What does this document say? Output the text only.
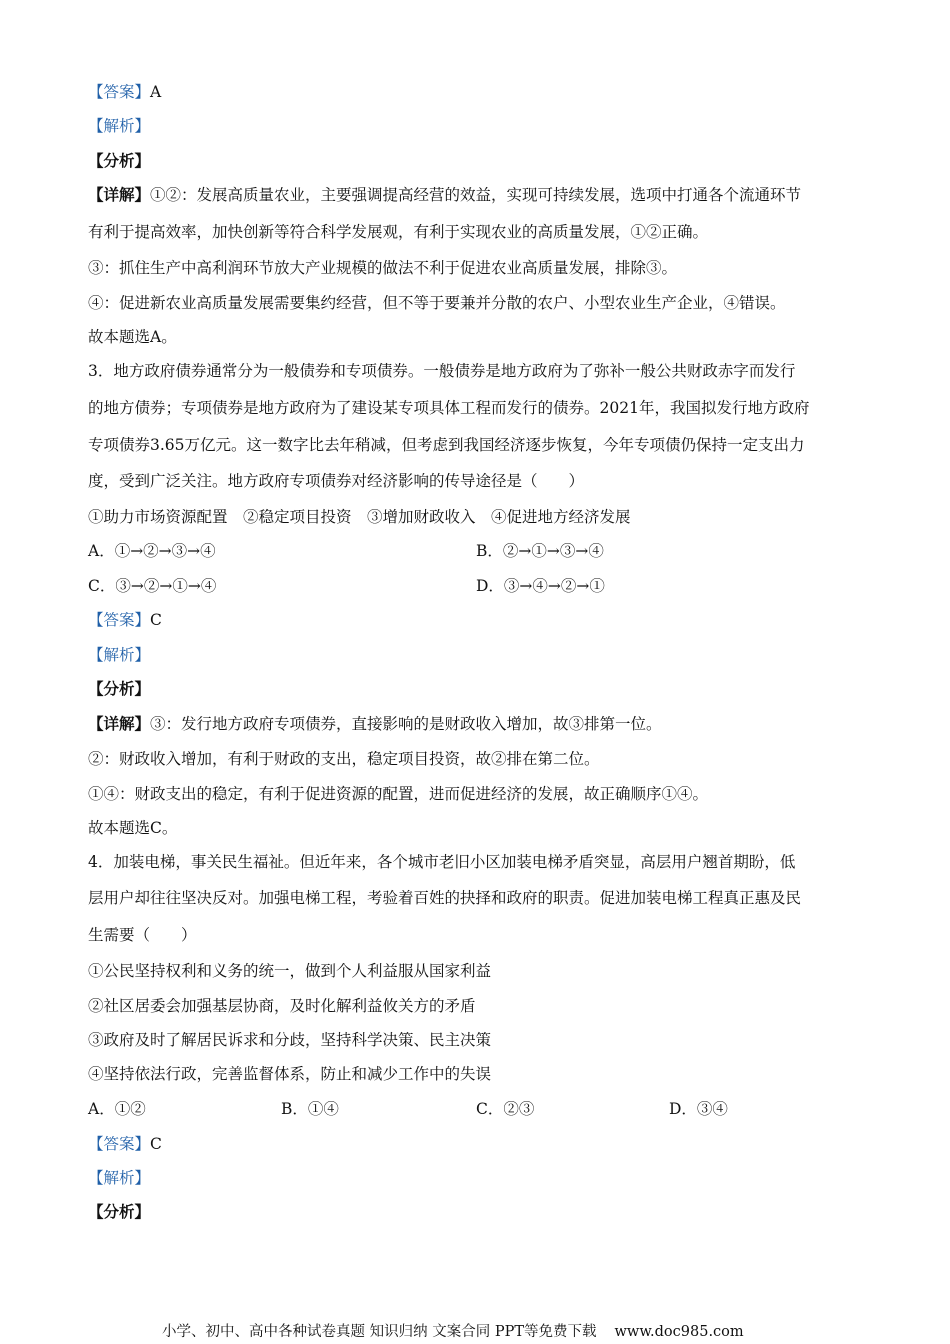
【答案】A
【解析】
【分析】
【详解】①②：发展高质量农业，主要强调提高经营的效益，实现可持续发展，选项中打通各个流通环节
有利于提高效率，加快创新等符合科学发展观，有利于实现农业的高质量发展，①②正确。
③：抓住生产中高利润环节放大产业规模的做法不利于促进农业高质量发展，排除③。
④：促进新农业高质量发展需要集约经营，但不等于要兼并分散的农户、小型农业生产企业，④错误。
故本题选A。
3．地方政府债券通常分为一般债券和专项债券。一般债券是地方政府为了弥补一般公共财政赤字而发行
的地方债券；专项债券是地方政府为了建设某专项具体工程而发行的债券。2021年，我国拟发行地方政府
专项债券3.65万亿元。这一数字比去年稍减，但考虑到我国经济逐步恢复，今年专项债仍保持一定支出力
度，受到广泛关注。地方政府专项债券对经济影响的传导途径是（　　）
①助力市场资源配置　②稳定项目投资　③增加财政收入　④促进地方经济发展
A．①→②→③→④	B．②→①→③→④
C．③→②→①→④	D．③→④→②→①
【答案】C
【解析】
【分析】
【详解】③：发行地方政府专项债券，直接影响的是财政收入增加，故③排第一位。
②：财政收入增加，有利于财政的支出，稳定项目投资，故②排在第二位。
①④：财政支出的稳定，有利于促进资源的配置，进而促进经济的发展，故正确顺序①④。
故本题选C。
4．加装电梯，事关民生福祉。但近年来，各个城市老旧小区加装电梯矛盾突显，高层用户翘首期盼，低
层用户却往往坚决反对。加强电梯工程，考验着百姓的抉择和政府的职责。促进加装电梯工程真正惠及民
生需要（　　）
①公民坚持权利和义务的统一，做到个人利益服从国家利益
②社区居委会加强基层协商，及时化解利益攸关方的矛盾
③政府及时了解居民诉求和分歧，坚持科学决策、民主决策
④坚持依法行政，完善监督体系，防止和减少工作中的失误
A．①②	B．①④	C．②③	D．③④
【答案】C
【解析】
【分析】
小学、初中、高中各种试卷真题 知识归纳 文案合同 PPT等免费下载 www.doc985.com
